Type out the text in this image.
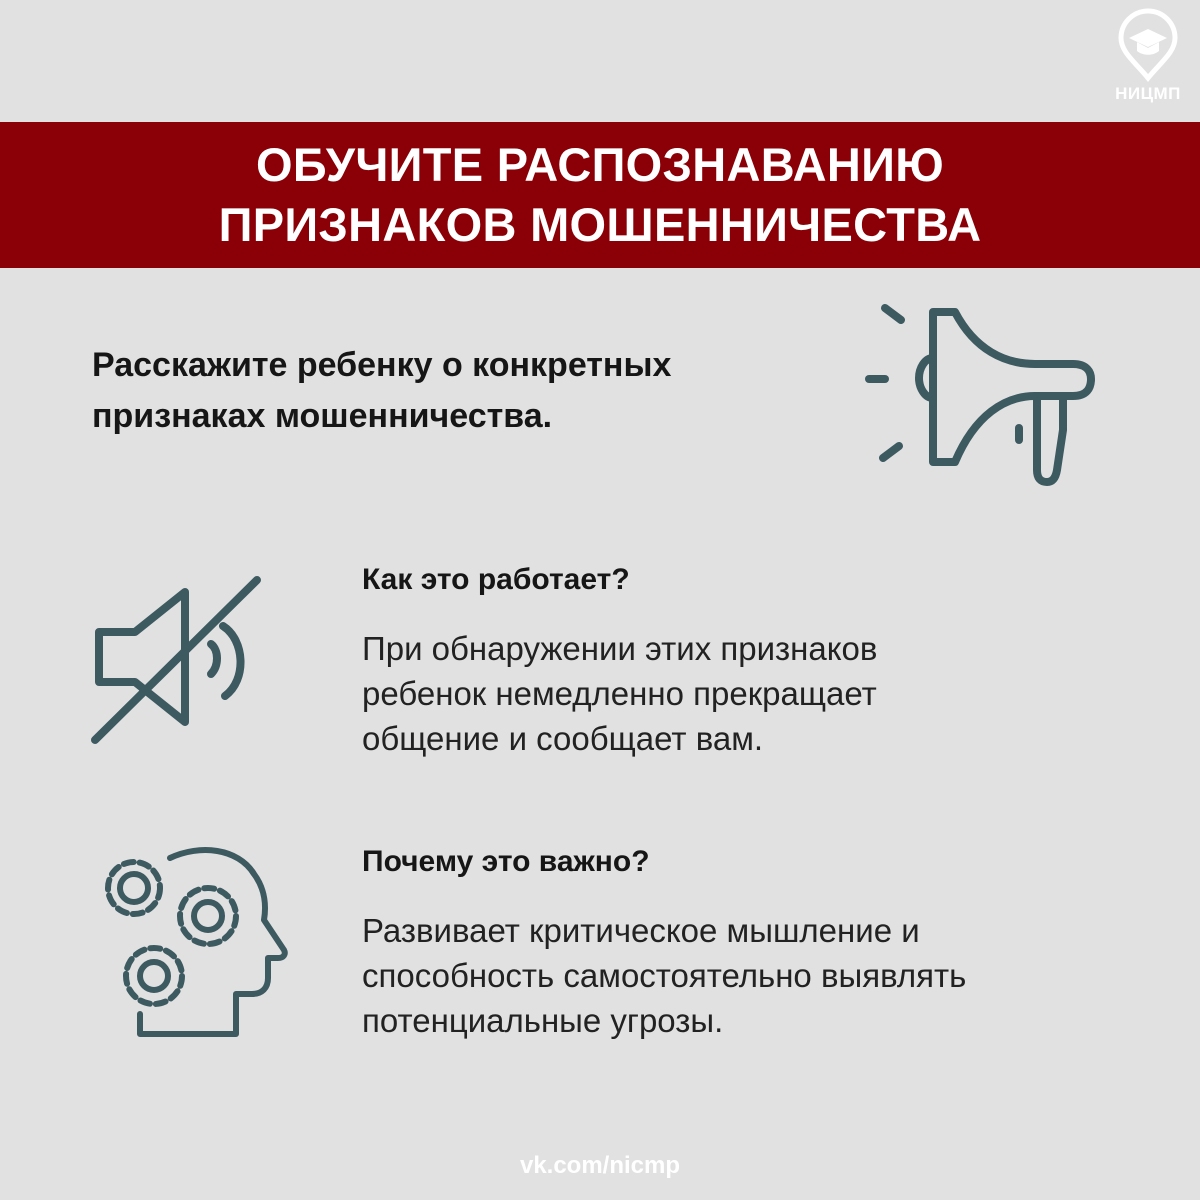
НИЦМП
ОБУЧИТЕ РАСПОЗНАВАНИЮ
ПРИЗНАКОВ МОШЕННИЧЕСТВА
Расскажите ребенку о конкретных
признаках мошенничества.
Как это работает?
При обнаружении этих признаков
ребенок немедленно прекращает
общение и сообщает вам.
Почему это важно?
Развивает критическое мышление и
способность самостоятельно выявлять
потенциальные угрозы.
vk.com/nicmp
